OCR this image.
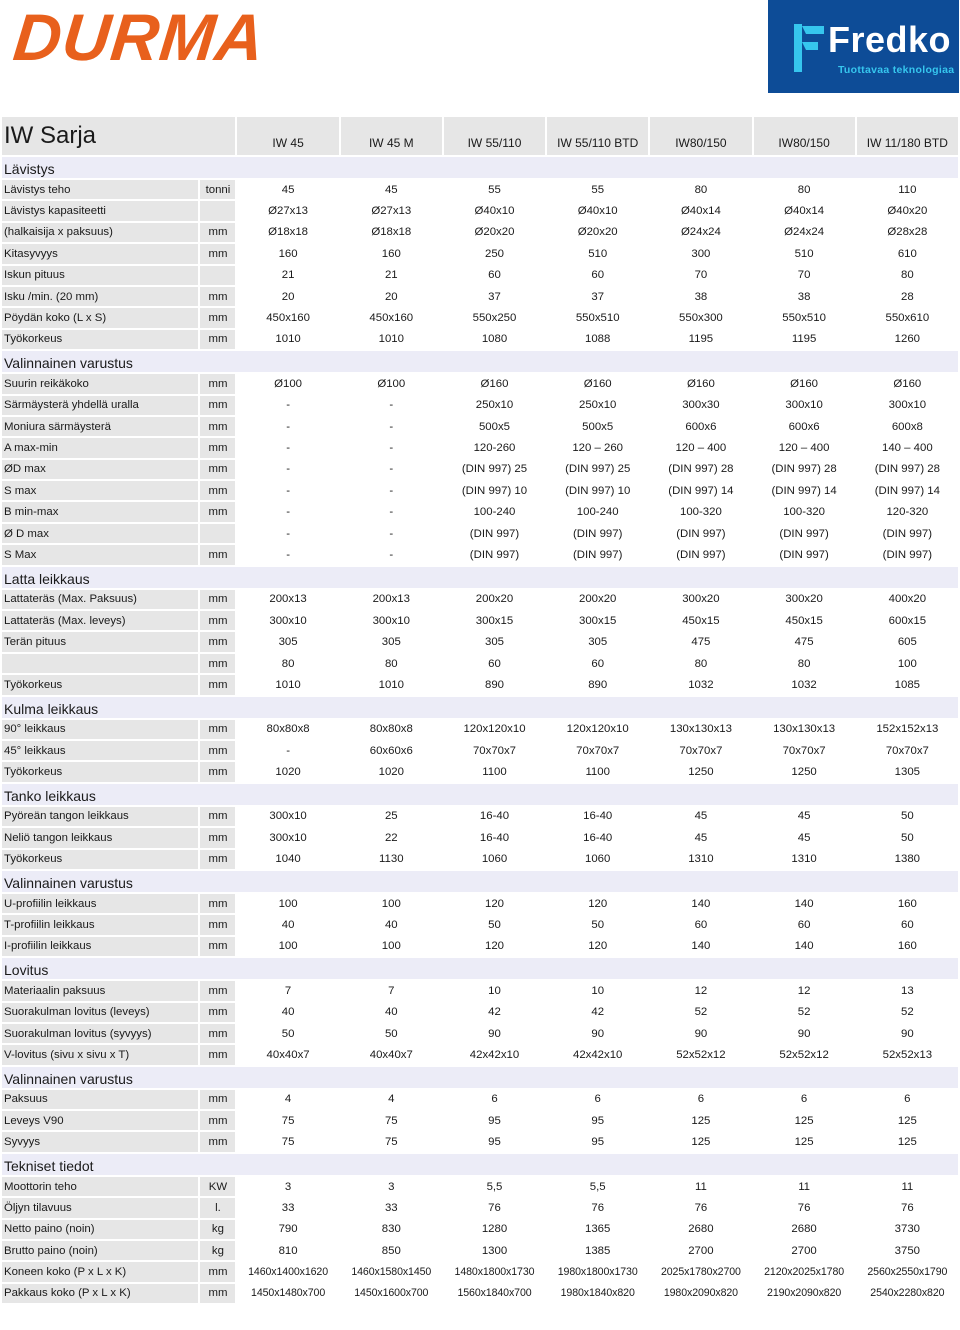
DURMA	Fredko
Tuottavaa teknologiaa
IW Sarja		IW 45	IW 45 M	IW 55/110	IW 55/110 BTD	IW80/150	IW80/150	IW 11/180 BTD
Lävistys								
Lävistys teho	tonni	45	45	55	55	80	80	110
Lävistys kapasiteetti		Ø27x13	Ø27x13	Ø40x10	Ø40x10	Ø40x14	Ø40x14	Ø40x20
(halkaisija x paksuus)	mm	Ø18x18	Ø18x18	Ø20x20	Ø20x20	Ø24x24	Ø24x24	Ø28x28
Kitasyvyys	mm	160	160	250	510	300	510	610
Iskun pituus		21	21	60	60	70	70	80
Isku /min. (20 mm)	mm	20	20	37	37	38	38	28
Pöydän koko (L x S)	mm	450x160	450x160	550x250	550x510	550x300	550x510	550x610
Työkorkeus	mm	1010	1010	1080	1088	1195	1195	1260
Valinnainen varustus								
Suurin reikäkoko	mm	Ø100	Ø100	Ø160	Ø160	Ø160	Ø160	Ø160
Särmäysterä yhdellä uralla	mm	-	-	250x10	250x10	300x30	300x10	300x10
Moniura särmäysterä	mm	-	-	500x5	500x5	600x6	600x6	600x8
A max-min	mm	-	-	120-260	120 – 260	120 – 400	120 – 400	140 – 400
ØD max	mm	-	-	(DIN 997) 25	(DIN 997) 25	(DIN 997) 28	(DIN 997) 28	(DIN 997) 28
S max	mm	-	-	(DIN 997) 10	(DIN 997) 10	(DIN 997) 14	(DIN 997) 14	(DIN 997) 14
B min-max	mm	-	-	100-240	100-240	100-320	100-320	120-320
Ø D max		-	-	(DIN 997)	(DIN 997)	(DIN 997)	(DIN 997)	(DIN 997)
S Max	mm	-	-	(DIN 997)	(DIN 997)	(DIN 997)	(DIN 997)	(DIN 997)
Latta leikkaus								
Lattateräs (Max. Paksuus)	mm	200x13	200x13	200x20	200x20	300x20	300x20	400x20
Lattateräs (Max. leveys)	mm	300x10	300x10	300x15	300x15	450x15	450x15	600x15
Terän pituus	mm	305	305	305	305	475	475	605
	mm	80	80	60	60	80	80	100
Työkorkeus	mm	1010	1010	890	890	1032	1032	1085
Kulma leikkaus								
90° leikkaus	mm	80x80x8	80x80x8	120x120x10	120x120x10	130x130x13	130x130x13	152x152x13
45° leikkaus	mm	-	60x60x6	70x70x7	70x70x7	70x70x7	70x70x7	70x70x7
Työkorkeus	mm	1020	1020	1100	1100	1250	1250	1305
Tanko leikkaus								
Pyöreän tangon leikkaus	mm	300x10	25	16-40	16-40	45	45	50
Neliö tangon leikkaus	mm	300x10	22	16-40	16-40	45	45	50
Työkorkeus	mm	1040	1130	1060	1060	1310	1310	1380
Valinnainen varustus								
U-profiilin leikkaus	mm	100	100	120	120	140	140	160
T-profiilin leikkaus	mm	40	40	50	50	60	60	60
I-profiilin leikkaus	mm	100	100	120	120	140	140	160
Lovitus								
Materiaalin paksuus	mm	7	7	10	10	12	12	13
Suorakulman lovitus (leveys)	mm	40	40	42	42	52	52	52
Suorakulman lovitus (syvyys)	mm	50	50	90	90	90	90	90
V-lovitus (sivu x sivu x T)	mm	40x40x7	40x40x7	42x42x10	42x42x10	52x52x12	52x52x12	52x52x13
Valinnainen varustus								
Paksuus	mm	4	4	6	6	6	6	6
Leveys V90	mm	75	75	95	95	125	125	125
Syvyys	mm	75	75	95	95	125	125	125
Tekniset tiedot								
Moottorin teho	KW	3	3	5,5	5,5	11	11	11
Öljyn tilavuus	l.	33	33	76	76	76	76	76
Netto paino (noin)	kg	790	830	1280	1365	2680	2680	3730
Brutto paino (noin)	kg	810	850	1300	1385	2700	2700	3750
Koneen koko (P x L x K)	mm	1460x1400x1620	1460x1580x1450	1480x1800x1730	1980x1800x1730	2025x1780x2700	2120x2025x1780	2560x2550x1790
Pakkaus koko (P x L x K)	mm	1450x1480x700	1450x1600x700	1560x1840x700	1980x1840x820	1980x2090x820	2190x2090x820	2540x2280x820
